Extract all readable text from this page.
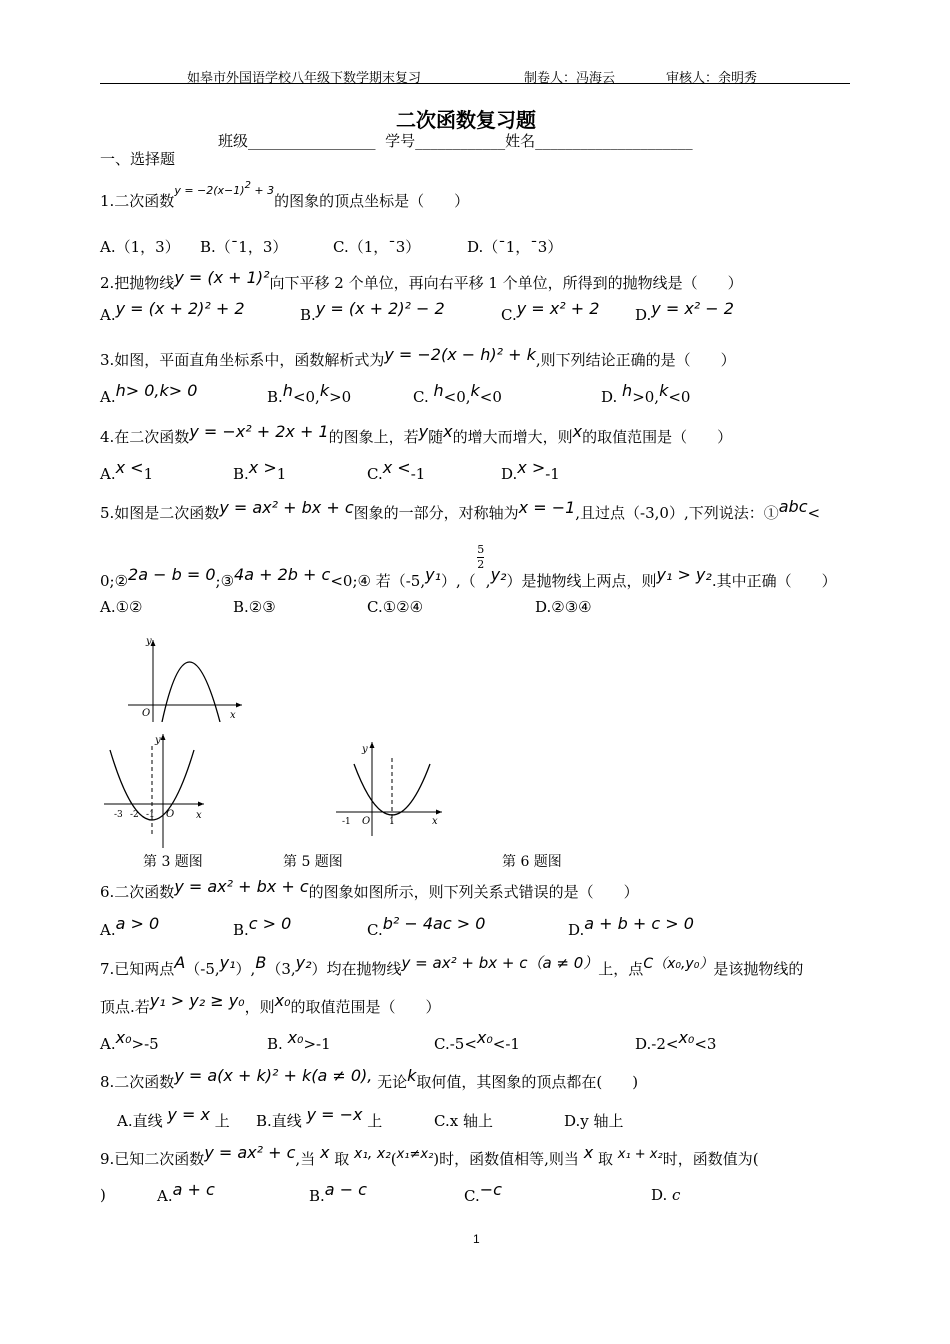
如皋市外国语学校八年级下数学期末复习	制卷人：冯海云	审核人：余明秀
二次函数复习题
班级_________________ 学号____________姓名_____________________
一、选择题
1.二次函数$^{y = -2(x-1)2 + 3}$的图象的顶点坐标是（　　）
A.（1，3） B.（¯1，3）	C.（1，¯3）	D.（¯1，¯3）
2.把抛物线y = (x + 1)²向下平移 2 个单位，再向右平移 1 个单位，所得到的抛物线是（　　）
A.y = (x + 2)² + 2	B.y = (x + 2)² − 2	C.y = x² + 2 D.y = x² − 2
3.如图，平面直角坐标系中，函数解析式为y = −2(x − h)² + k,则下列结论正确的是（　　）
A.h> 0,k> 0	B.h<0,k>0	C. h<0,k<0	D. h>0,k<0
4.在二次函数y = −x² + 2x + 1的图象上，若y随x的增大而增大，则x的取值范围是（　　）
A.x <1	B.x >1	C.x <-1	D.x >-1
5.如图是二次函数y = ax² + bx + c图象的一部分，对称轴为x = −1,且过点（-3,0）,下列说法：①abc<
0;②2a − b = 0;③4a + 2b + c<0;④ 若$(-5,y_1),(\frac{5}{2},y_2)$是抛物线上两点，则y₁ > y₂.其中正确（　　）
A.①②	B.②③	C.①②④	D.②③④
y
x
O
y
x
O
-3 -2 -1
y
x
O
-1	1
第 3 题图	第 5 题图	第 6 题图
6.二次函数y = ax² + bx + c的图象如图所示，则下列关系式错误的是（　　）
A.a > 0	B.c > 0	C.b² − 4ac > 0	D.a + b + c > 0
7.已知两点A（-5,y₁）,B（3,y₂）均在抛物线y = ax² + bx + c（a ≠ 0）上，点C（x₀,y₀）是该抛物线的
顶点.若y₁ > y₂ ≥ y₀，则x₀的取值范围是（　　）
A.x₀>-5	B. x₀>-1	C.-5<x₀<-1	D.-2<x₀<3
8.二次函数y = a(x + k)² + k(a ≠ 0), 无论k取何值，其图象的顶点都在(　　)
A.直线 y = x 上 B.直线 y = −x 上	C.x 轴上	D.y 轴上
9.已知二次函数y = ax² + c,当 x 取 x₁, x₂(x₁≠x₂)时，函数值相等,则当 x 取 x₁ + x₂时，函数值为(
)	A.a + c	B.a − c	C.−c	D. c
1
